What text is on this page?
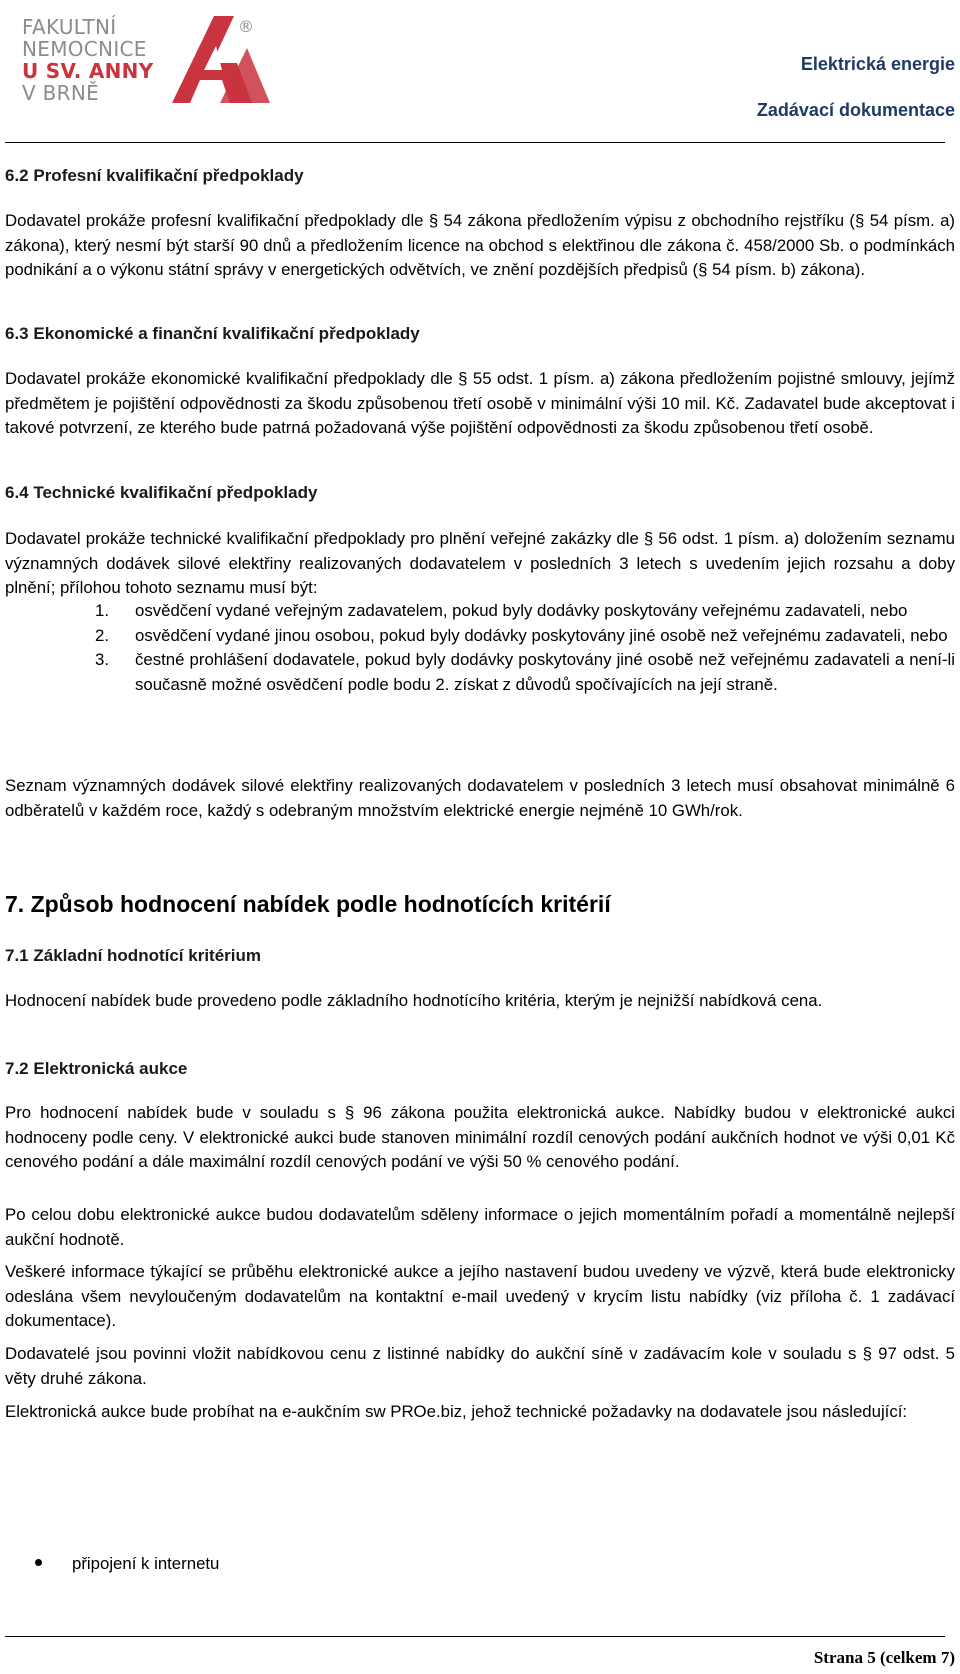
FAKULTNÍ
NEMOCNICE
U SV. ANNY
V BRNĚ
®
Elektrická energie
Zadávací dokumentace
6.2 Profesní kvalifikační předpoklady
Dodavatel prokáže profesní kvalifikační předpoklady dle § 54 zákona předložením výpisu z obchodního rejstříku (§ 54 písm. a) zákona), který nesmí být starší 90 dnů a předložením licence na obchod s elektřinou dle zákona č. 458/2000 Sb. o podmínkách podnikání a o výkonu státní správy v energetických odvětvích, ve znění pozdějších předpisů (§ 54 písm. b) zákona).
6.3 Ekonomické a finanční kvalifikační předpoklady
Dodavatel prokáže ekonomické kvalifikační předpoklady dle § 55 odst. 1 písm. a) zákona předložením pojistné smlouvy, jejímž předmětem je pojištění odpovědnosti za škodu způsobenou třetí osobě v minimální výši 10 mil. Kč. Zadavatel bude akceptovat i takové potvrzení, ze kterého bude patrná požadovaná výše pojištění odpovědnosti za škodu způsobenou třetí osobě.
6.4 Technické kvalifikační předpoklady
Dodavatel prokáže technické kvalifikační předpoklady pro plnění veřejné zakázky dle § 56 odst. 1 písm. a) doložením seznamu významných dodávek silové elektřiny realizovaných dodavatelem v posledních 3 letech s uvedením jejich rozsahu a doby plnění; přílohou tohoto seznamu musí být:
1. osvědčení vydané veřejným zadavatelem, pokud byly dodávky poskytovány veřejnému zadavateli, nebo
2. osvědčení vydané jinou osobou, pokud byly dodávky poskytovány jiné osobě než veřejnému zadavateli, nebo
3. čestné prohlášení dodavatele, pokud byly dodávky poskytovány jiné osobě než veřejnému zadavateli a není-li současně možné osvědčení podle bodu 2. získat z důvodů spočívajících na její straně.
Seznam významných dodávek silové elektřiny realizovaných dodavatelem v posledních 3 letech musí obsahovat minimálně 6 odběratelů v každém roce, každý s odebraným množstvím elektrické energie nejméně 10 GWh/rok.
7. Způsob hodnocení nabídek podle hodnotících kritérií
7.1 Základní hodnotící kritérium
Hodnocení nabídek bude provedeno podle základního hodnotícího kritéria, kterým je nejnižší nabídková cena.
7.2 Elektronická aukce
Pro hodnocení nabídek bude v souladu s § 96 zákona použita elektronická aukce. Nabídky budou v elektronické aukci hodnoceny podle ceny. V elektronické aukci bude stanoven minimální rozdíl cenových podání aukčních hodnot ve výši 0,01 Kč cenového podání a dále maximální rozdíl cenových podání ve výši 50 % cenového podání.
Po celou dobu elektronické aukce budou dodavatelům sděleny informace o jejich momentálním pořadí a momentálně nejlepší aukční hodnotě.
Veškeré informace týkající se průběhu elektronické aukce a jejího nastavení budou uvedeny ve výzvě, která bude elektronicky odeslána všem nevyloučeným dodavatelům na kontaktní e-mail uvedený v krycím listu nabídky (viz příloha č. 1 zadávací dokumentace).
Dodavatelé jsou povinni vložit nabídkovou cenu z listinné nabídky do aukční síně v zadávacím kole v souladu s § 97 odst. 5 věty druhé zákona.
Elektronická aukce bude probíhat na e-aukčním sw PROe.biz, jehož technické požadavky na dodavatele jsou následující:
připojení k internetu
Strana 5 (celkem 7)
